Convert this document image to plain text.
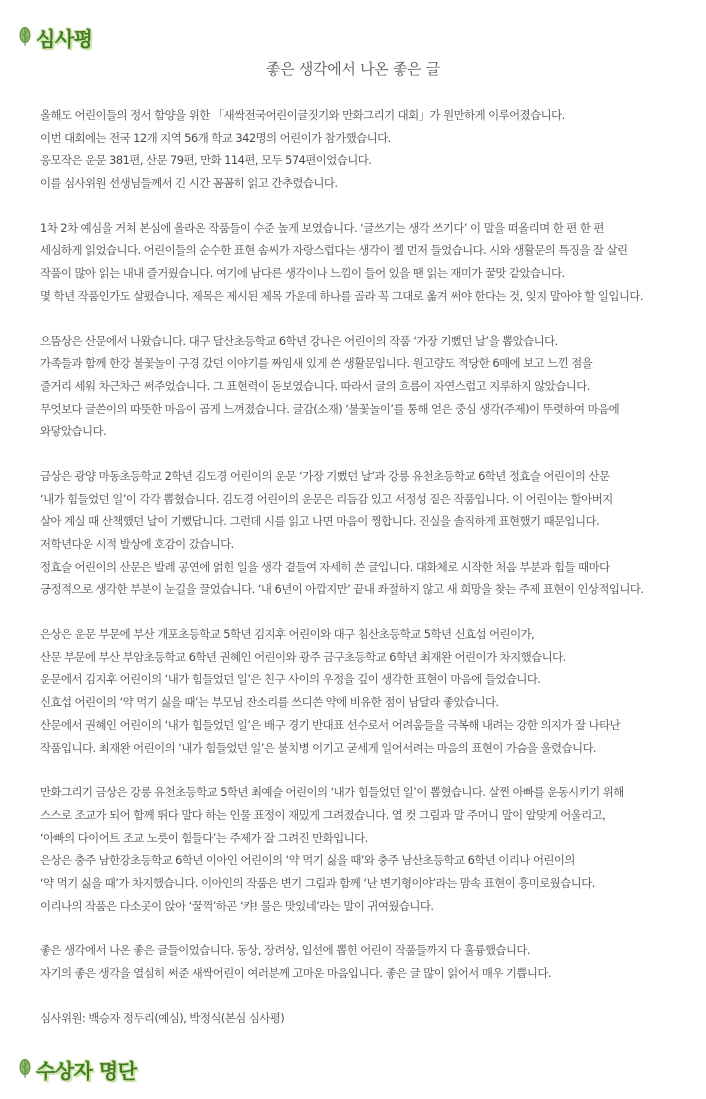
심사평
좋은 생각에서 나온 좋은 글
올해도 어린이들의 정서 함양을 위한 「새싹전국어린이글짓기와 만화그리기 대회」가 원만하게 이루어졌습니다.
이번 대회에는 전국 12개 지역 56개 학교 342명의 어린이가 참가했습니다.
응모작은 운문 381편, 산문 79편, 만화 114편, 모두 574편이었습니다.
이를 심사위원 선생님들께서 긴 시간 꼼꼼히 읽고 간추렸습니다.
1차 2차 예심을 거쳐 본심에 올라온 작품들이 수준 높게 보였습니다. ‘글쓰기는 생각 쓰기다’ 이 말을 떠올리며 한 편 한 편
세심하게 읽었습니다. 어린이들의 순수한 표현 솜씨가 자랑스럽다는 생각이 젤 먼저 들었습니다. 시와 생활문의 특징을 잘 살린
작품이 많아 읽는 내내 즐거웠습니다. 여기에 남다른 생각이나 느낌이 들어 있을 땐 읽는 재미가 꿀맛 같았습니다.
몇 학년 작품인가도 살폈습니다. 제목은 제시된 제목 가운데 하나를 골라 꼭 그대로 옮겨 써야 한다는 것, 잊지 말아야 할 일입니다.
으뜸상은 산문에서 나왔습니다. 대구 달산초등학교 6학년 강나은 어린이의 작품 ‘가장 기뻤던 날’을 뽑았습니다.
가족들과 함께 한강 불꽃놀이 구경 갔던 이야기를 짜임새 있게 쓴 생활문입니다. 원고량도 적당한 6매에 보고 느낀 점을
줄거리 세워 차근차근 써주었습니다. 그 표현력이 돋보였습니다. 따라서 글의 흐름이 자연스럽고 지루하지 않았습니다.
무엇보다 글쓴이의 따뜻한 마음이 곱게 느껴졌습니다. 글감(소재) ‘불꽃놀이’를 통해 얻은 중심 생각(주제)이 뚜렷하여 마음에
와닿았습니다.
금상은 광양 마동초등학교 2학년 김도경 어린이의 운문 ‘가장 기뻤던 날’과 강릉 유천초등학교 6학년 정효슬 어린이의 산문
‘내가 힘들었던 일’이 각각 뽑혔습니다. 김도경 어린이의 운문은 리듬감 있고 서정성 짙은 작품입니다. 이 어린이는 할아버지
살아 계실 때 산책했던 날이 기뻤답니다. 그런데 시를 읽고 나면 마음이 찡합니다. 진실을 솔직하게 표현했기 때문입니다.
저학년다운 시적 발상에 호감이 갔습니다.
정효슬 어린이의 산문은 발레 공연에 얽힌 일을 생각 곁들여 자세히 쓴 글입니다. 대화체로 시작한 처음 부분과 힘들 때마다
긍정적으로 생각한 부분이 눈길을 끌었습니다. ‘내 6년이 아깝지만’ 끝내 좌절하지 않고 새 희망을 찾는 주제 표현이 인상적입니다.
은상은 운문 부문에 부산 개포초등학교 5학년 김지후 어린이와 대구 침산초등학교 5학년 신효섭 어린이가,
산문 부문에 부산 부암초등학교 6학년 권혜인 어린이와 광주 금구초등학교 6학년 최재완 어린이가 차지했습니다.
운문에서 김지후 어린이의 ‘내가 힘들었던 일’은 친구 사이의 우정을 깊이 생각한 표현이 마음에 들었습니다.
신효섭 어린이의 ‘약 먹기 싫을 때’는 부모님 잔소리를 쓰디쓴 약에 비유한 점이 남달라 좋았습니다.
산문에서 권혜인 어린이의 ‘내가 힘들었던 일’은 배구 경기 반대표 선수로서 어려움들을 극복해 내려는 강한 의지가 잘 나타난
작품입니다. 최재완 어린이의 ‘내가 힘들었던 일’은 불치병 이기고 굳세게 일어서려는 마음의 표현이 가슴을 울렸습니다.
만화그리기 금상은 강릉 유천초등학교 5학년 최예슬 어린이의 ‘내가 힘들었던 일’이 뽑혔습니다. 살찐 아빠를 운동시키기 위해
스스로 조교가 되어 함께 뛰다 말다 하는 인물 표정이 재밌게 그려졌습니다. 열 컷 그림과 말 주머니 말이 알맞게 어울리고,
‘아빠의 다이어트 조교 노릇이 힘들다’는 주제가 잘 그려진 만화입니다.
은상은 충주 남한강초등학교 6학년 이아인 어린이의 ‘약 먹기 싫을 때’와 충주 남산초등학교 6학년 이리나 어린이의
‘약 먹기 싫을 때’가 차지했습니다. 이아인의 작품은 변기 그림과 함께 ‘난 변기형이야’라는 맘속 표현이 흥미로웠습니다.
이리나의 작품은 다소곳이 앉아 ‘꿀꺽’하곤 ‘캬! 물은 맛있네’라는 말이 귀여웠습니다.
좋은 생각에서 나온 좋은 글들이었습니다. 동상, 장려상, 입선에 뽑힌 어린이 작품들까지 다 훌륭했습니다.
자기의 좋은 생각을 열심히 써준 새싹어린이 여러분께 고마운 마음입니다. 좋은 글 많이 읽어서 매우 기쁩니다.
심사위원: 백승자 정두리(예심), 박정식(본심 심사평)
수상자 명단
